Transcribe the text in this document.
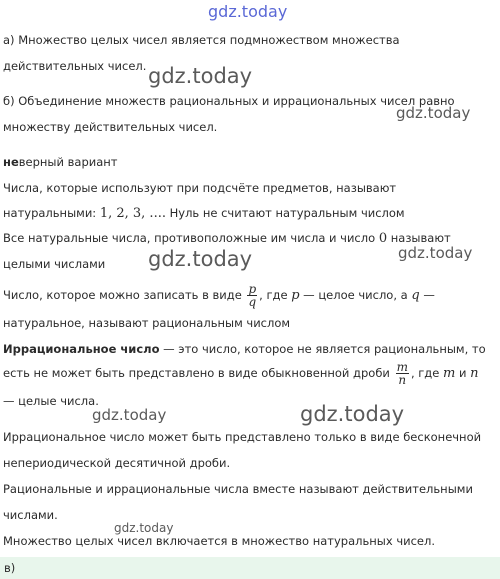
gdz.today
а) Множество целых чисел является подмножеством множества
действительных чисел. gdz.today
б) Объединение множеств рациональных и иррациональных чисел равно
gdz.today
множеству действительных чисел.
неверный вариант
Числа, которые используют при подсчёте предметов, называют
натуральными: 1, 2, 3, .... Нуль не считают натуральным числом
Все натуральные числа, противоположные им числа и число 0 называют
gdz.today
целыми числами	gdz.today
Число, которое можно записать в виде $\frac{p}{q}$ , где p — целое число, а q —
натуральное, называют рациональным числом
Иррациональное число — это число, которое не является рациональным, то
есть не может быть представлено в виде обыкновенной дроби $\frac{m}{n}$ , где m и n
— целые числа.
gdz.today	gdz.today
Иррациональное число может быть представлено только в виде бесконечной
непериодической десятичной дроби.
Рациональные и иррациональные числа вместе называют действительными
числами.
gdz.today
Множество целых чисел включается в множество натуральных чисел.
в)
